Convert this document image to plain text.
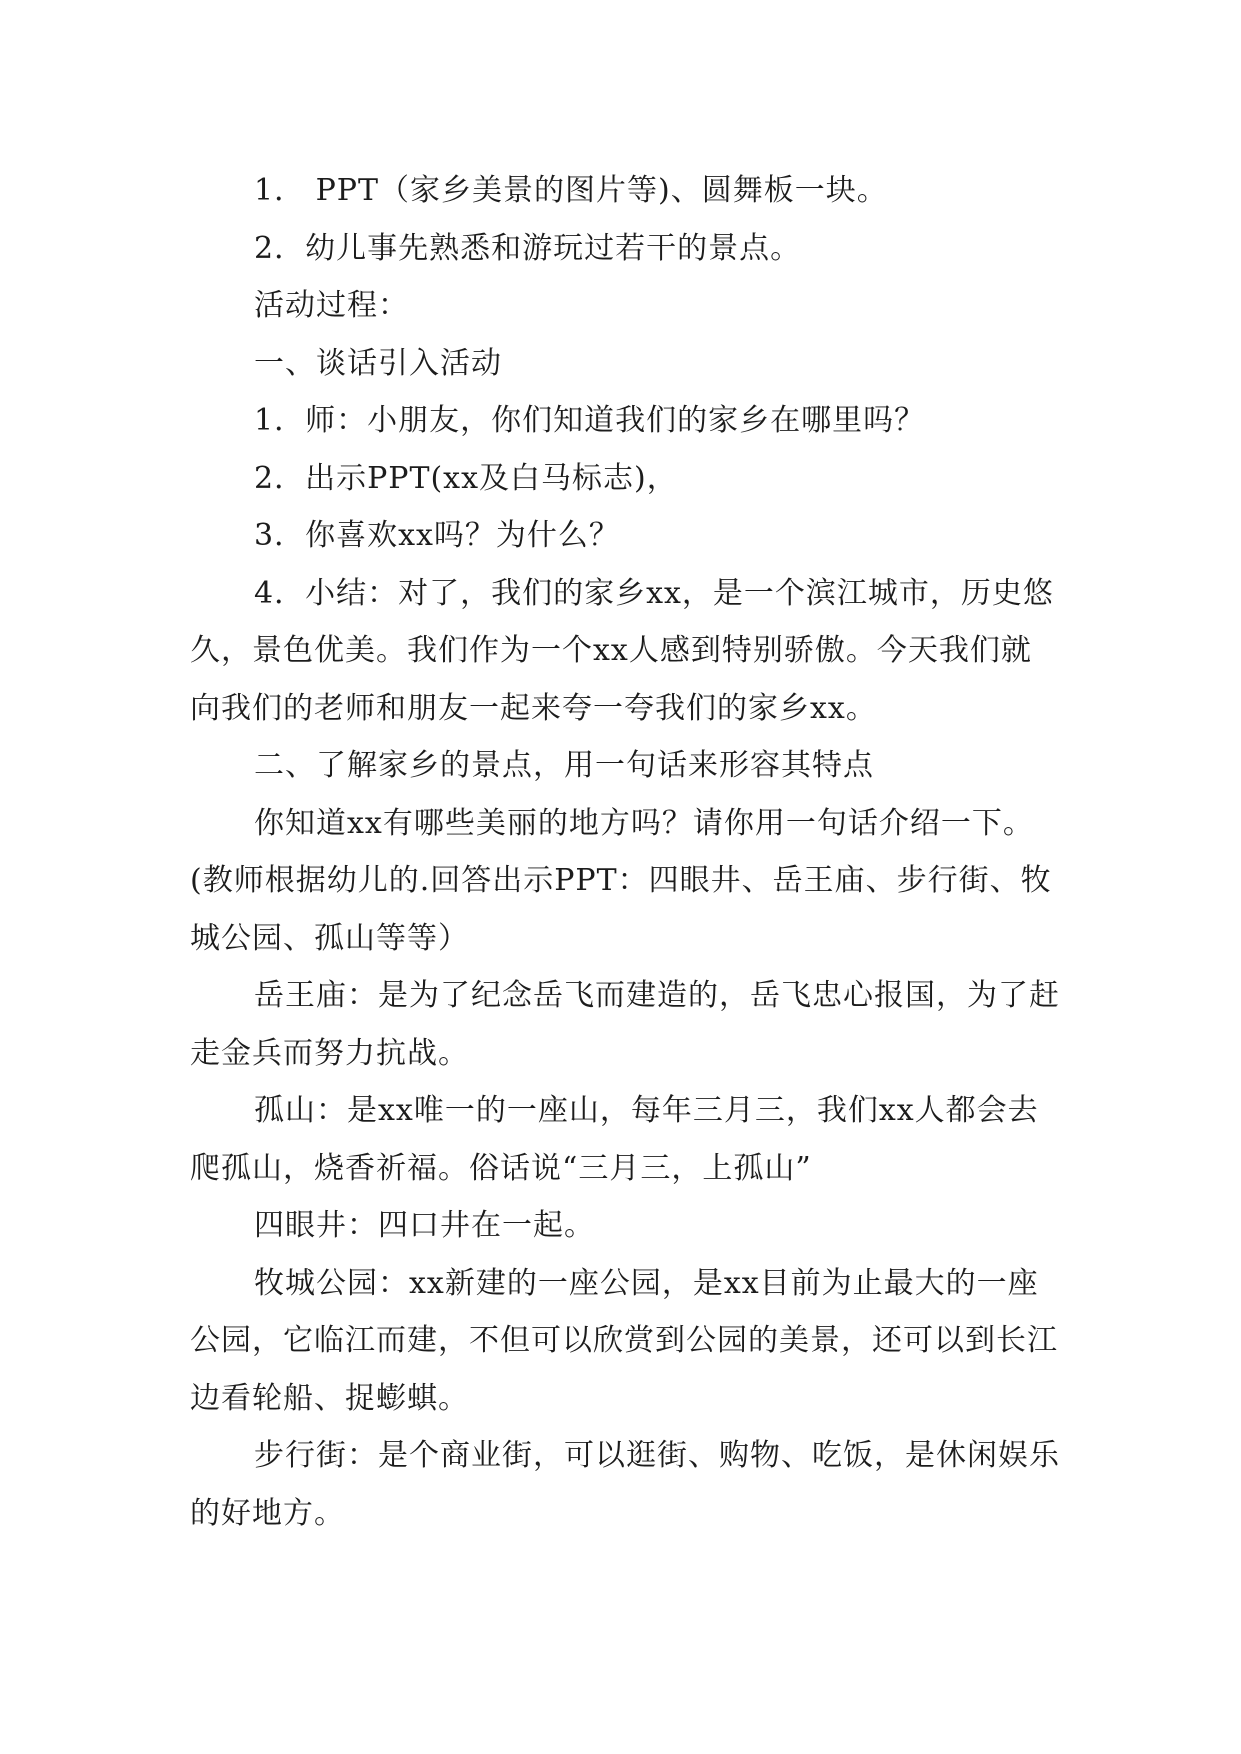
1． PPT（家乡美景的图片等)、圆舞板一块。

2．幼儿事先熟悉和游玩过若干的景点。

活动过程：

一、谈话引入活动

1．师：小朋友，你们知道我们的家乡在哪里吗？

2．出示PPT(xx及白马标志)，

3．你喜欢xx吗？为什么？

4．小结：对了，我们的家乡xx，是一个滨江城市，历史悠久，景色优美。我们作为一个xx人感到特别骄傲。今天我们就向我们的老师和朋友一起来夸一夸我们的家乡xx。

二、了解家乡的景点，用一句话来形容其特点

你知道xx有哪些美丽的地方吗？请你用一句话介绍一下。(教师根据幼儿的.回答出示PPT：四眼井、岳王庙、步行街、牧城公园、孤山等等）

岳王庙：是为了纪念岳飞而建造的，岳飞忠心报国，为了赶走金兵而努力抗战。

孤山：是xx唯一的一座山，每年三月三，我们xx人都会去爬孤山，烧香祈福。俗话说“三月三，上孤山”

四眼井：四口井在一起。

牧城公园：xx新建的一座公园，是xx目前为止最大的一座公园，它临江而建，不但可以欣赏到公园的美景，还可以到长江边看轮船、捉蟛蜞。

步行街：是个商业街，可以逛街、购物、吃饭，是休闲娱乐的好地方。
